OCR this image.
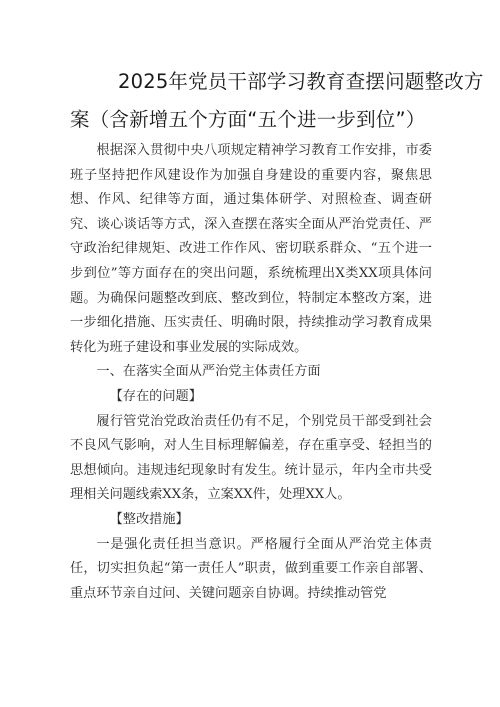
2025年党员干部学习教育查摆问题整改方
案（含新增五个方面“五个进一步到位”）

根据深入贯彻中央八项规定精神学习教育工作安排，市委班子坚持把作风建设作为加强自身建设的重要内容，聚焦思想、作风、纪律等方面，通过集体研学、对照检查、调查研究、谈心谈话等方式，深入查摆在落实全面从严治党责任、严守政治纪律规矩、改进工作作风、密切联系群众、“五个进一步到位”等方面存在的突出问题，系统梳理出X类XX项具体问题。为确保问题整改到底、整改到位，特制定本整改方案，进一步细化措施、压实责任、明确时限，持续推动学习教育成果转化为班子建设和事业发展的实际成效。

一、在落实全面从严治党主体责任方面

【存在的问题】

履行管党治党政治责任仍有不足，个别党员干部受到社会不良风气影响，对人生目标理解偏差，存在重享受、轻担当的思想倾向。违规违纪现象时有发生。统计显示，年内全市共受理相关问题线索XX条，立案XX件，处理XX人。

【整改措施】

一是强化责任担当意识。严格履行全面从严治党主体责任，切实担负起“第一责任人”职责，做到重要工作亲自部署、重点环节亲自过问、关键问题亲自协调。持续推动管党
